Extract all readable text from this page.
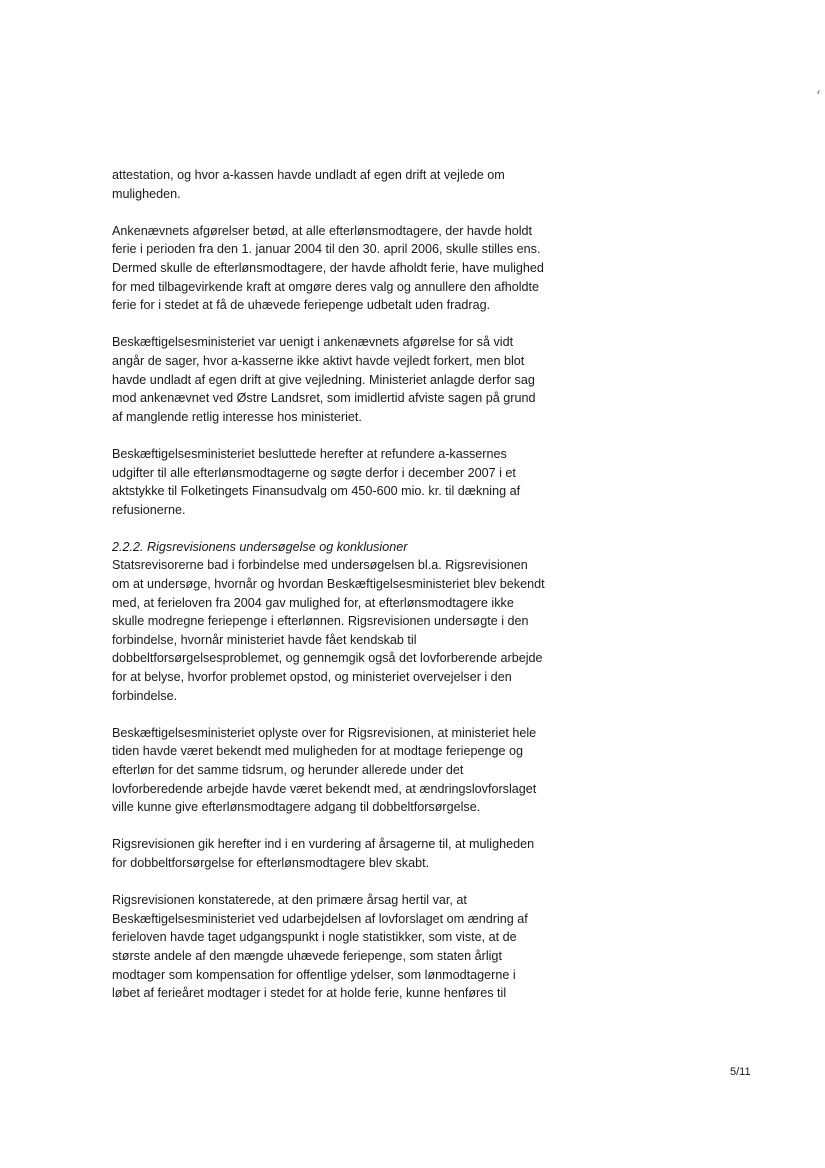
attestation, og hvor a-kassen havde undladt af egen drift at vejlede om
muligheden.

Ankenævnets afgørelser betød, at alle efterlønsmodtagere, der havde holdt
ferie i perioden fra den 1. januar 2004 til den 30. april 2006, skulle stilles ens.
Dermed skulle de efterlønsmodtagere, der havde afholdt ferie, have mulighed
for med tilbagevirkende kraft at omgøre deres valg og annullere den afholdte
ferie for i stedet at få de uhævede feriepenge udbetalt uden fradrag.

Beskæftigelsesministeriet var uenigt i ankenævnets afgørelse for så vidt
angår de sager, hvor a-kasserne ikke aktivt havde vejledt forkert, men blot
havde undladt af egen drift at give vejledning. Ministeriet anlagde derfor sag
mod ankenævnet ved Østre Landsret, som imidlertid afviste sagen på grund
af manglende retlig interesse hos ministeriet.

Beskæftigelsesministeriet besluttede herefter at refundere a-kassernes
udgifter til alle efterlønsmodtagerne og søgte derfor i december 2007 i et
aktstykke til Folketingets Finansudvalg om 450-600 mio. kr. til dækning af
refusionerne.

2.2.2. Rigsrevisionens undersøgelse og konklusioner

Statsrevisorerne bad i forbindelse med undersøgelsen bl.a. Rigsrevisionen
om at undersøge, hvornår og hvordan Beskæftigelsesministeriet blev bekendt
med, at ferieloven fra 2004 gav mulighed for, at efterlønsmodtagere ikke
skulle modregne feriepenge i efterlønnen. Rigsrevisionen undersøgte i den
forbindelse, hvornår ministeriet havde fået kendskab til
dobbeltforsørgelsesproblemet, og gennemgik også det lovforberende arbejde
for at belyse, hvorfor problemet opstod, og ministeriet overvejelser i den
forbindelse.

Beskæftigelsesministeriet oplyste over for Rigsrevisionen, at ministeriet hele
tiden havde været bekendt med muligheden for at modtage feriepenge og
efterløn for det samme tidsrum, og herunder allerede under det
lovforberedende arbejde havde været bekendt med, at ændringslovforslaget
ville kunne give efterlønsmodtagere adgang til dobbeltforsørgelse.

Rigsrevisionen gik herefter ind i en vurdering af årsagerne til, at muligheden
for dobbeltforsørgelse for efterlønsmodtagere blev skabt.

Rigsrevisionen konstaterede, at den primære årsag hertil var, at
Beskæftigelsesministeriet ved udarbejdelsen af lovforslaget om ændring af
ferieloven havde taget udgangspunkt i nogle statistikker, som viste, at de
største andele af den mængde uhævede feriepenge, som staten årligt
modtager som kompensation for offentlige ydelser, som lønmodtagerne i
løbet af ferieåret modtager i stedet for at holde ferie, kunne henføres til

5/11
